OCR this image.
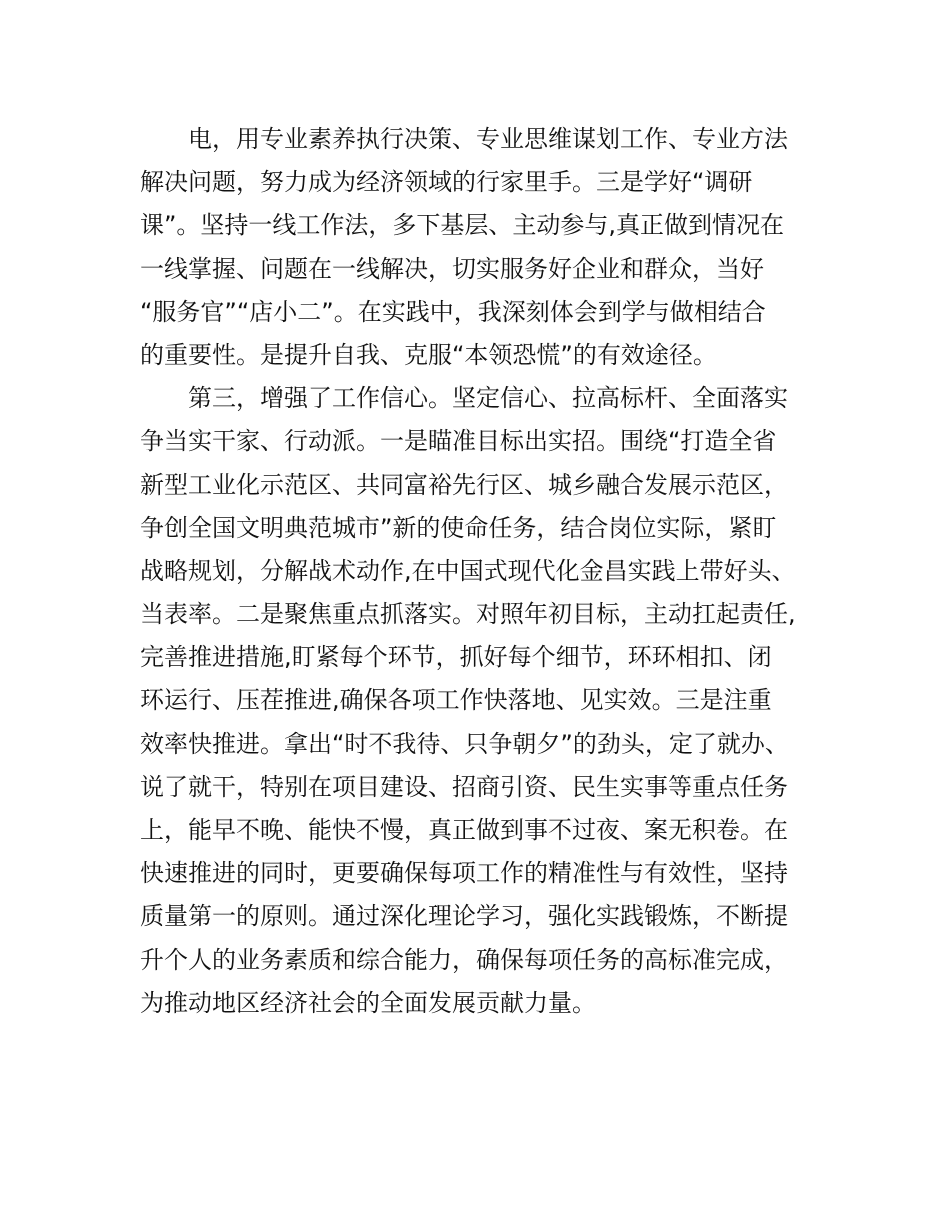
电，用专业素养执行决策、专业思维谋划工作、专业方法
解决问题，努力成为经济领域的行家里手。三是学好“调研
课”。坚持一线工作法，多下基层、主动参与,真正做到情况在
一线掌握、问题在一线解决，切实服务好企业和群众，当好
“服务官”“店小二”。在实践中，我深刻体会到学与做相结合
的重要性。是提升自我、克服“本领恐慌”的有效途径。
第三，增强了工作信心。坚定信心、拉高标杆、全面落实
争当实干家、行动派。一是瞄准目标出实招。围绕“打造全省
新型工业化示范区、共同富裕先行区、城乡融合发展示范区，
争创全国文明典范城市”新的使命任务，结合岗位实际，紧盯
战略规划，分解战术动作,在中国式现代化金昌实践上带好头、
当表率。二是聚焦重点抓落实。对照年初目标，主动扛起责任,
完善推进措施,盯紧每个环节，抓好每个细节，环环相扣、闭
环运行、压茬推进,确保各项工作快落地、见实效。三是注重
效率快推进。拿出“时不我待、只争朝夕”的劲头，定了就办、
说了就干，特别在项目建设、招商引资、民生实事等重点任务
上，能早不晚、能快不慢，真正做到事不过夜、案无积卷。在
快速推进的同时，更要确保每项工作的精准性与有效性，坚持
质量第一的原则。通过深化理论学习，强化实践锻炼，不断提
升个人的业务素质和综合能力，确保每项任务的高标准完成，
为推动地区经济社会的全面发展贡献力量。
